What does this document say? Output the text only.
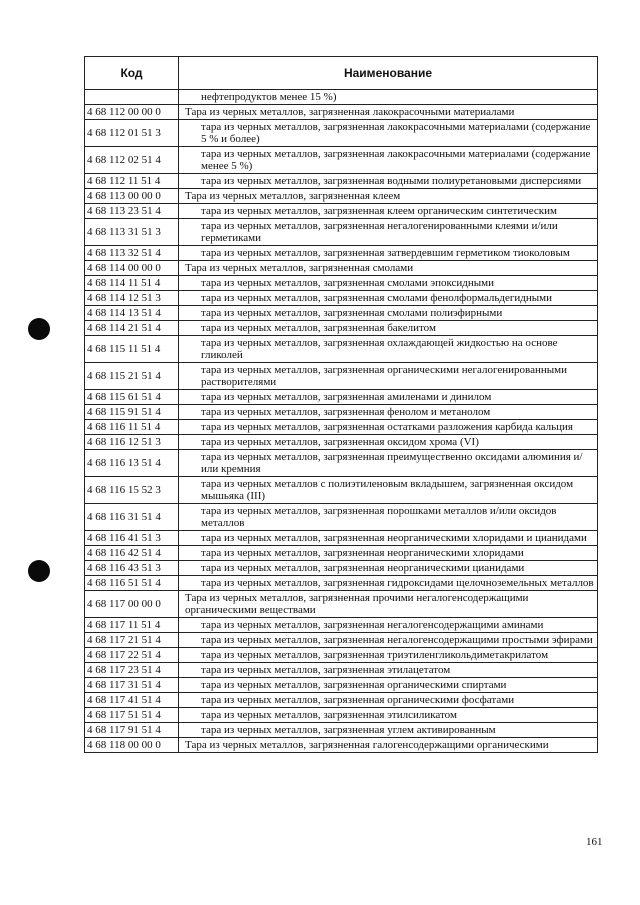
Код	Наименование
	нефтепродуктов менее 15 %)
4 68 112 00 00 0	Тара из черных металлов, загрязненная лакокрасочными материалами
4 68 112 01 51 3	тара из черных металлов, загрязненная лакокрасочными материалами (содержание 5 % и более)
4 68 112 02 51 4	тара из черных металлов, загрязненная лакокрасочными материалами (содержание менее 5 %)
4 68 112 11 51 4	тара из черных металлов, загрязненная водными полиуретановыми дисперсиями
4 68 113 00 00 0	Тара из черных металлов, загрязненная клеем
4 68 113 23 51 4	тара из черных металлов, загрязненная клеем органическим синтетическим
4 68 113 31 51 3	тара из черных металлов, загрязненная негалогенированными клеями и/или герметиками
4 68 113 32 51 4	тара из черных металлов, загрязненная затвердевшим герметиком тиоколовым
4 68 114 00 00 0	Тара из черных металлов, загрязненная смолами
4 68 114 11 51 4	тара из черных металлов, загрязненная смолами эпоксидными
4 68 114 12 51 3	тара из черных металлов, загрязненная смолами фенолформальдегидными
4 68 114 13 51 4	тара из черных металлов, загрязненная смолами полиэфирными
4 68 114 21 51 4	тара из черных металлов, загрязненная бакелитом
4 68 115 11 51 4	тара из черных металлов, загрязненная охлаждающей жидкостью на основе гликолей
4 68 115 21 51 4	тара из черных металлов, загрязненная органическими негалогенированными растворителями
4 68 115 61 51 4	тара из черных металлов, загрязненная амиленами и динилом
4 68 115 91 51 4	тара из черных металлов, загрязненная фенолом и метанолом
4 68 116 11 51 4	тара из черных металлов, загрязненная остатками разложения карбида кальция
4 68 116 12 51 3	тара из черных металлов, загрязненная оксидом хрома (VI)
4 68 116 13 51 4	тара из черных металлов, загрязненная преимущественно оксидами алюминия и/или кремния
4 68 116 15 52 3	тара из черных металлов с полиэтиленовым вкладышем, загрязненная оксидом мышьяка (III)
4 68 116 31 51 4	тара из черных металлов, загрязненная порошками металлов и/или оксидов металлов
4 68 116 41 51 3	тара из черных металлов, загрязненная неорганическими хлоридами и цианидами
4 68 116 42 51 4	тара из черных металлов, загрязненная неорганическими хлоридами
4 68 116 43 51 3	тара из черных металлов, загрязненная неорганическими цианидами
4 68 116 51 51 4	тара из черных металлов, загрязненная гидроксидами щелочноземельных металлов
4 68 117 00 00 0	Тара из черных металлов, загрязненная прочими негалогенсодержащими органическими веществами
4 68 117 11 51 4	тара из черных металлов, загрязненная негалогенсодержащими аминами
4 68 117 21 51 4	тара из черных металлов, загрязненная негалогенсодержащими простыми эфирами
4 68 117 22 51 4	тара из черных металлов, загрязненная триэтиленгликольдиметакрилатом
4 68 117 23 51 4	тара из черных металлов, загрязненная этилацетатом
4 68 117 31 51 4	тара из черных металлов, загрязненная органическими спиртами
4 68 117 41 51 4	тара из черных металлов, загрязненная органическими фосфатами
4 68 117 51 51 4	тара из черных металлов, загрязненная этилсиликатом
4 68 117 91 51 4	тара из черных металлов, загрязненная углем активированным
4 68 118 00 00 0	Тара из черных металлов, загрязненная галогенсодержащими органическими
161
